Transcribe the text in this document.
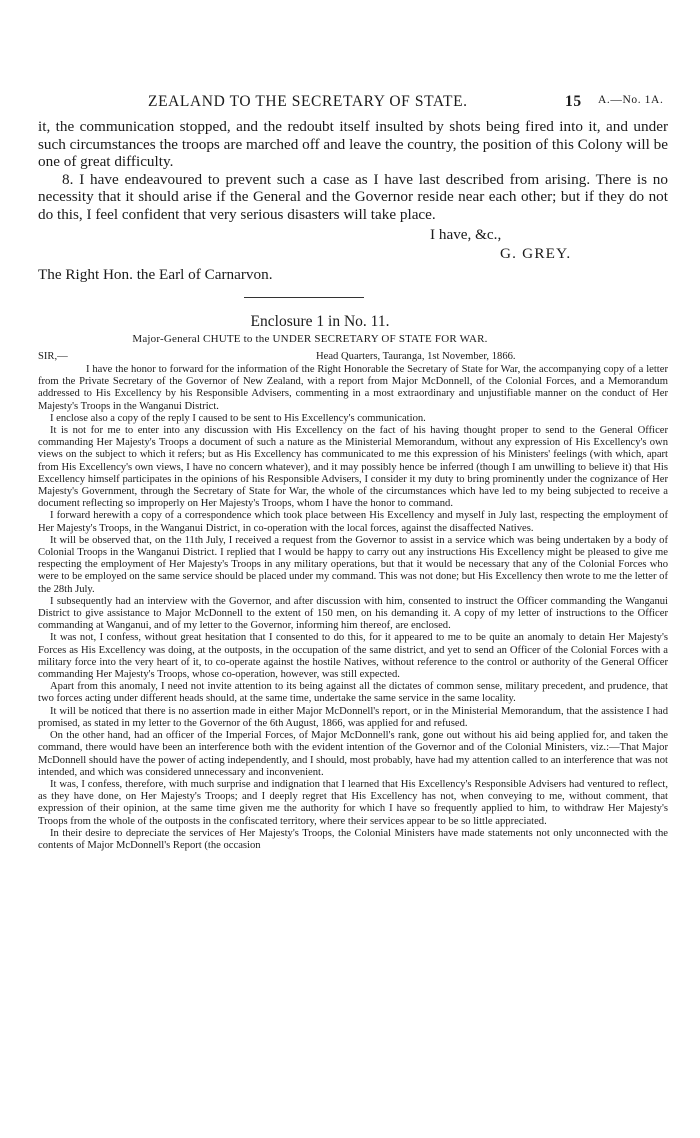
ZEALAND TO THE SECRETARY OF STATE.	15 A.—No. 1A.

it, the communication stopped, and the redoubt itself insulted by shots being fired into it, and under such circumstances the troops are marched off and leave the country, the position of this Colony will be one of great difficulty.

8. I have endeavoured to prevent such a case as I have last described from arising. There is no necessity that it should arise if the General and the Governor reside near each other; but if they do not do this, I feel confident that very serious disasters will take place.

I have, &c.,
G. GREY.
The Right Hon. the Earl of Carnarvon.
Enclosure 1 in No. 11.
Major-General CHUTE to the UNDER SECRETARY OF STATE FOR WAR.
SIR,—	Head Quarters, Tauranga, 1st November, 1866.

I have the honor to forward for the information of the Right Honorable the Secretary of State for War, the accompanying copy of a letter from the Private Secretary of the Governor of New Zealand, with a report from Major McDonnell, of the Colonial Forces, and a Memorandum addressed to His Excellency by his Responsible Advisers, commenting in a most extraordinary and unjustifiable manner on the conduct of Her Majesty's Troops in the Wanganui District.

I enclose also a copy of the reply I caused to be sent to His Excellency's communication.

It is not for me to enter into any discussion with His Excellency on the fact of his having thought proper to send to the General Officer commanding Her Majesty's Troops a document of such a nature as the Ministerial Memorandum, without any expression of His Excellency's own views on the subject to which it refers; but as His Excellency has communicated to me this expression of his Ministers' feelings (with which, apart from His Excellency's own views, I have no concern whatever), and it may possibly hence be inferred (though I am unwilling to believe it) that His Excellency himself participates in the opinions of his Responsible Advisers, I consider it my duty to bring prominently under the cognizance of Her Majesty's Government, through the Secretary of State for War, the whole of the circumstances which have led to my being subjected to receive a document reflecting so improperly on Her Majesty's Troops, whom I have the honor to command.

I forward herewith a copy of a correspondence which took place between His Excellency and myself in July last, respecting the employment of Her Majesty's Troops, in the Wanganui District, in co-operation with the local forces, against the disaffected Natives.

It will be observed that, on the 11th July, I received a request from the Governor to assist in a service which was being undertaken by a body of Colonial Troops in the Wanganui District. I replied that I would be happy to carry out any instructions His Excellency might be pleased to give me respecting the employment of Her Majesty's Troops in any military operations, but that it would be necessary that any of the Colonial Forces who were to be employed on the same service should be placed under my command. This was not done; but His Excellency then wrote to me the letter of the 28th July.

I subsequently had an interview with the Governor, and after discussion with him, consented to instruct the Officer commanding the Wanganui District to give assistance to Major McDonnell to the extent of 150 men, on his demanding it. A copy of my letter of instructions to the Officer commanding at Wanganui, and of my letter to the Governor, informing him thereof, are enclosed.

It was not, I confess, without great hesitation that I consented to do this, for it appeared to me to be quite an anomaly to detain Her Majesty's Forces as His Excellency was doing, at the outposts, in the occupation of the same district, and yet to send an Officer of the Colonial Forces with a military force into the very heart of it, to co-operate against the hostile Natives, without reference to the control or authority of the General Officer commanding Her Majesty's Troops, whose co-operation, however, was still expected.

Apart from this anomaly, I need not invite attention to its being against all the dictates of common sense, military precedent, and prudence, that two forces acting under different heads should, at the same time, undertake the same service in the same locality.

It will be noticed that there is no assertion made in either Major McDonnell's report, or in the Ministerial Memorandum, that the assistence I had promised, as stated in my letter to the Governor of the 6th August, 1866, was applied for and refused.

On the other hand, had an officer of the Imperial Forces, of Major McDonnell's rank, gone out without his aid being applied for, and taken the command, there would have been an interference both with the evident intention of the Governor and of the Colonial Ministers, viz.:—That Major McDonnell should have the power of acting independently, and I should, most probably, have had my attention called to an interference that was not intended, and which was considered unnecessary and inconvenient.

It was, I confess, therefore, with much surprise and indignation that I learned that His Excellency's Responsible Advisers had ventured to reflect, as they have done, on Her Majesty's Troops; and I deeply regret that His Excellency has not, when conveying to me, without comment, that expression of their opinion, at the same time given me the authority for which I have so frequently applied to him, to withdraw Her Majesty's Troops from the whole of the outposts in the confiscated territory, where their services appear to be so little appreciated.

In their desire to depreciate the services of Her Majesty's Troops, the Colonial Ministers have made statements not only unconnected with the contents of Major McDonnell's Report (the occasion
